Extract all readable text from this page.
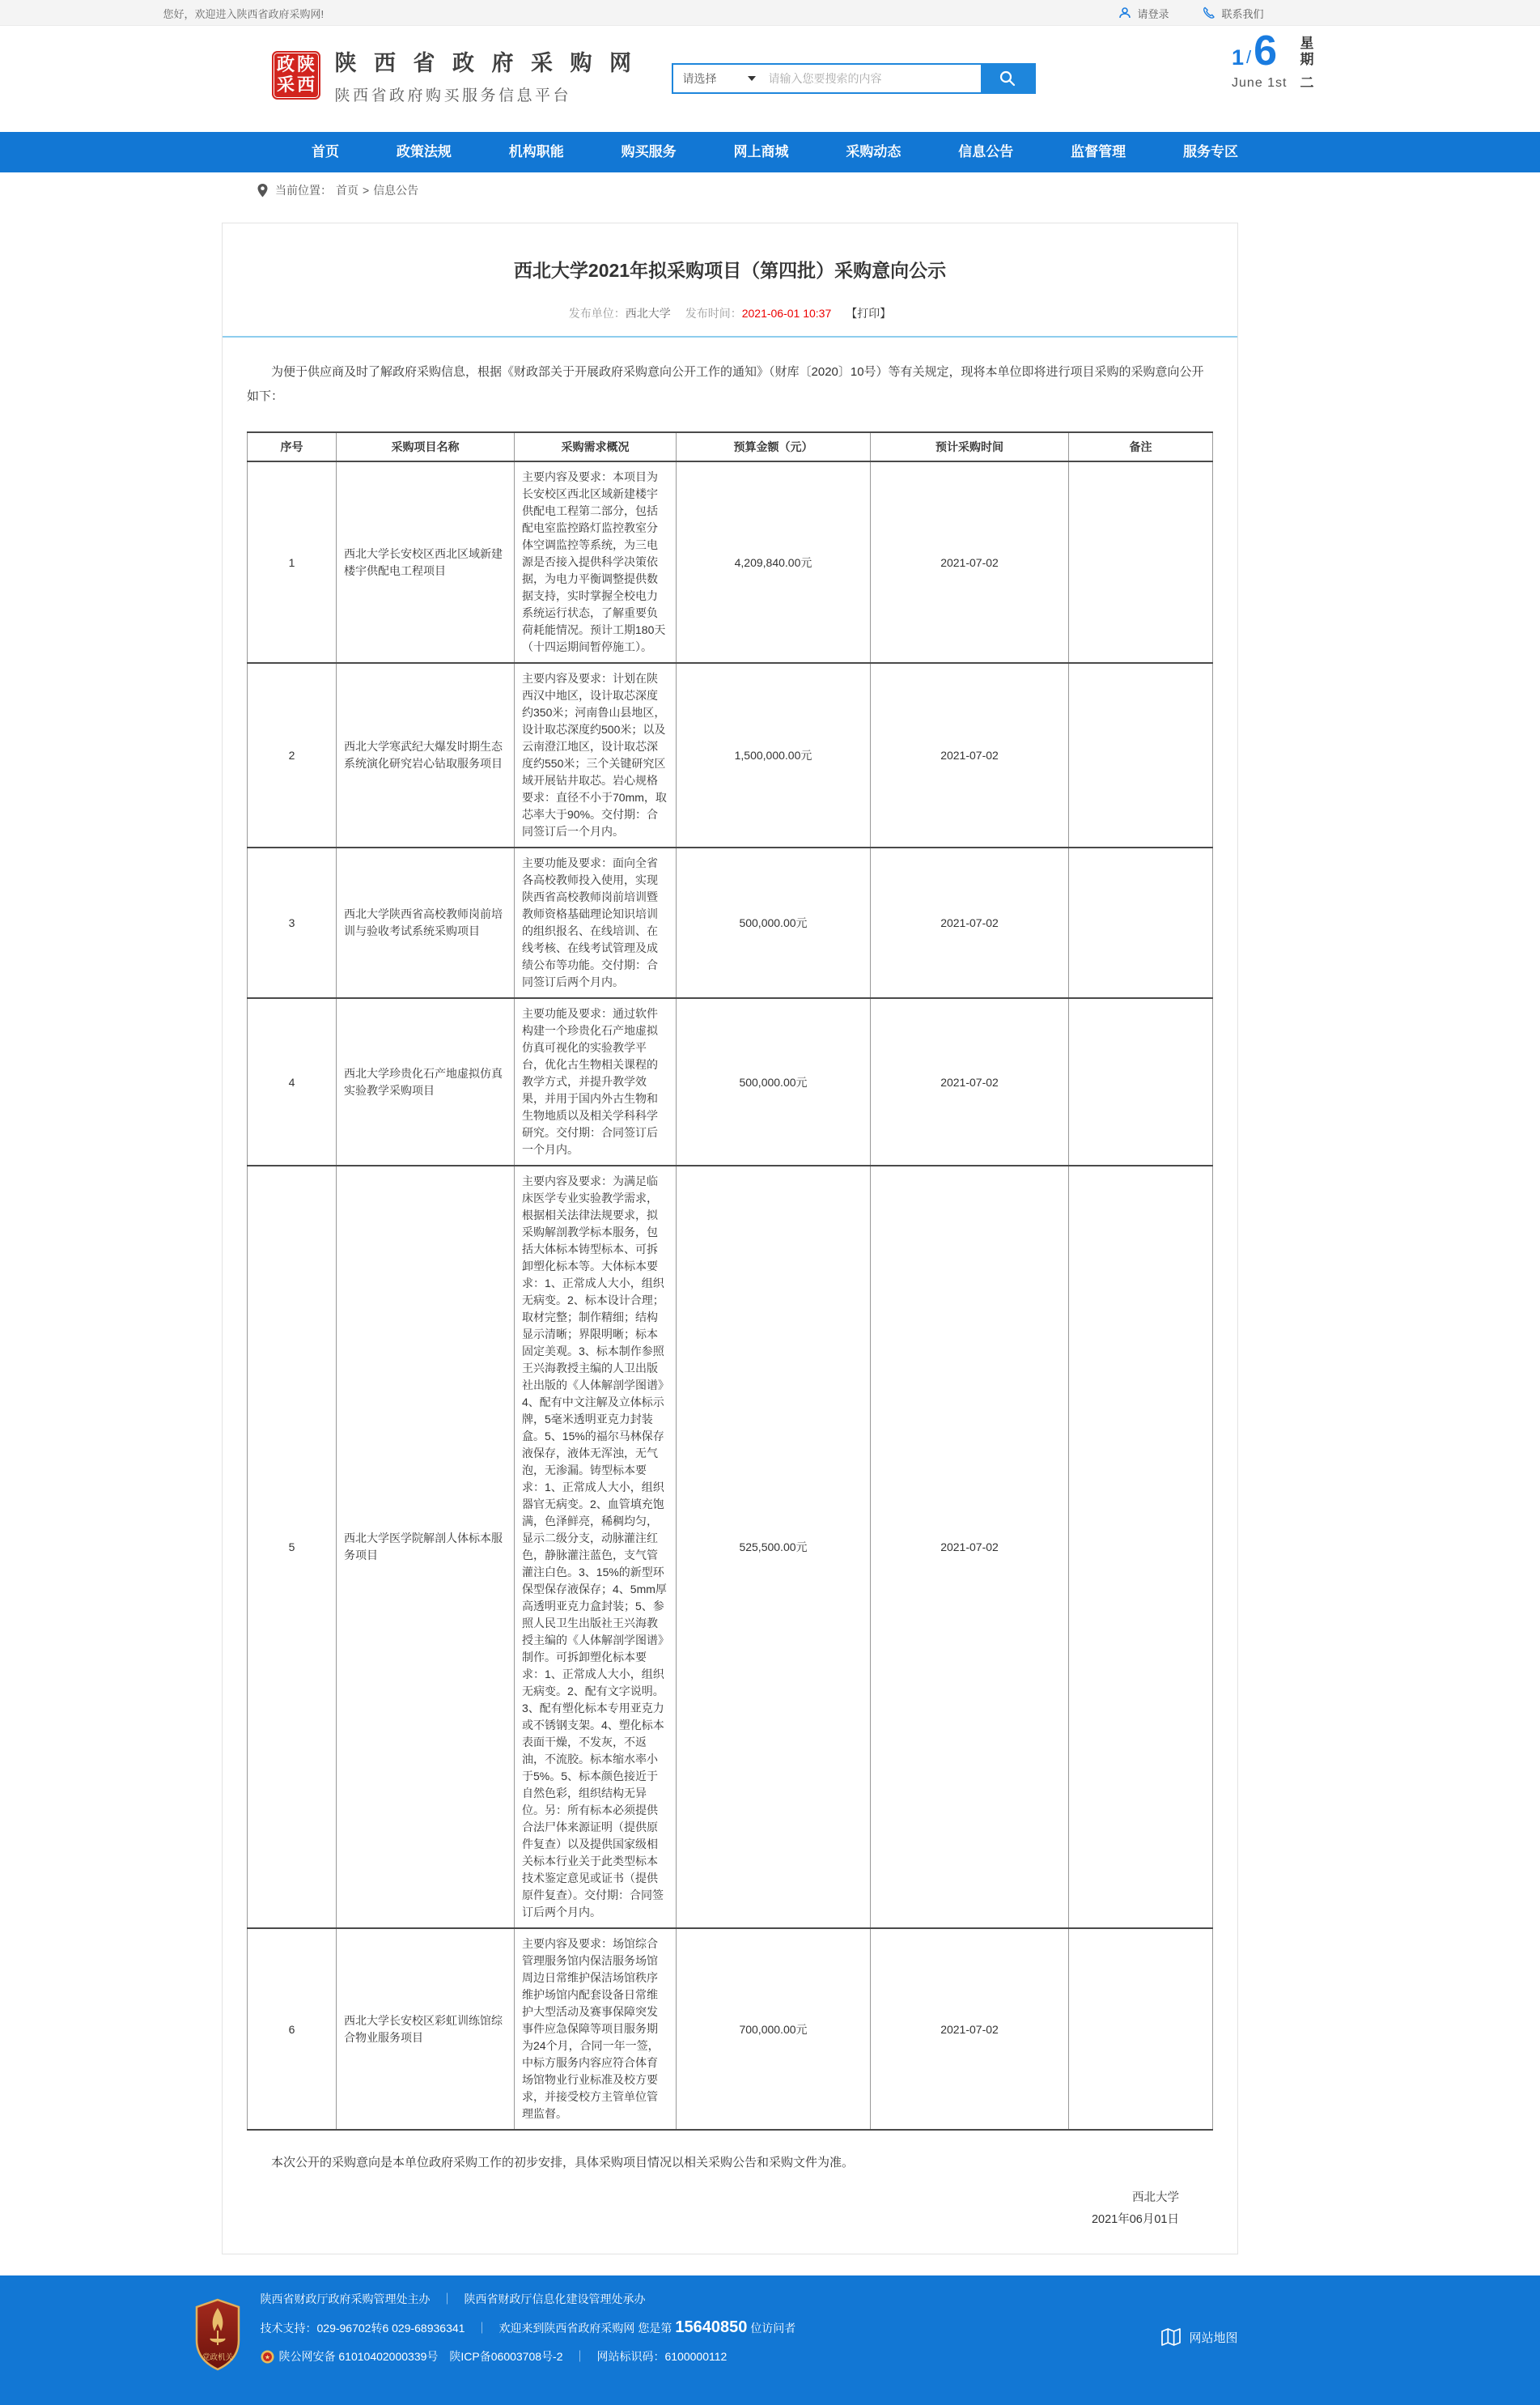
您好，欢迎进入陕西省政府采购网!	请登录	联系我们
政 陕
采 西
陕 西 省 政 府 采 购 网
陕西省政府购买服务信息平台
请选择
请输入您要搜索的内容
1 / 6
June 1st
星
期
二
首页	政策法规	机构职能	购买服务	网上商城	采购动态	信息公告	监督管理	服务专区
当前位置： 首页 > 信息公告
西北大学2021年拟采购项目（第四批）采购意向公示
发布单位：西北大学 发布时间：2021-06-01 10:37 【打印】

为便于供应商及时了解政府采购信息，根据《财政部关于开展政府采购意向公开工作的通知》（财库〔2020〕10号）等有关规定，现将本单位即将进行项目采购的采购意向公开如下：

序号	采购项目名称	采购需求概况	预算金额（元）	预计采购时间	备注
1	西北大学长安校区西北区域新建楼宇供配电工程项目	主要内容及要求：本项目为长安校区西北区域新建楼宇供配电工程第二部分，包括配电室监控路灯监控教室分体空调监控等系统，为三电源是否接入提供科学决策依据，为电力平衡调整提供数据支持，实时掌握全校电力系统运行状态，了解重要负荷耗能情况。预计工期180天（十四运期间暂停施工）。	4,209,840.00元	2021-07-02	
2	西北大学寒武纪大爆发时期生态系统演化研究岩心钻取服务项目	主要内容及要求：计划在陕西汉中地区，设计取芯深度约350米；河南鲁山县地区，设计取芯深度约500米；以及云南澄江地区，设计取芯深度约550米；三个关键研究区域开展钻井取芯。岩心规格要求：直径不小于70mm，取芯率大于90%。交付期：合同签订后一个月内。	1,500,000.00元	2021-07-02	
3	西北大学陕西省高校教师岗前培训与验收考试系统采购项目	主要功能及要求：面向全省各高校教师投入使用，实现陕西省高校教师岗前培训暨教师资格基础理论知识培训的组织报名、在线培训、在线考核、在线考试管理及成绩公布等功能。交付期：合同签订后两个月内。	500,000.00元	2021-07-02	
4	西北大学珍贵化石产地虚拟仿真实验教学采购项目	主要功能及要求：通过软件构建一个珍贵化石产地虚拟仿真可视化的实验教学平台，优化古生物相关课程的教学方式，并提升教学效果，并用于国内外古生物和生物地质以及相关学科科学研究。交付期：合同签订后一个月内。	500,000.00元	2021-07-02	
5	西北大学医学院解剖人体标本服务项目	主要内容及要求：为满足临床医学专业实验教学需求，根据相关法律法规要求，拟采购解剖教学标本服务，包括大体标本铸型标本、可拆卸塑化标本等。大体标本要求：1、正常成人大小，组织无病变。2、标本设计合理；取材完整；制作精细；结构显示清晰；界限明晰；标本固定美观。3、标本制作参照王兴海教授主编的人卫出版社出版的《人体解剖学图谱》4、配有中文注解及立体标示牌，5毫米透明亚克力封装盒。5、15%的福尔马林保存液保存，液体无浑浊，无气泡，无渗漏。铸型标本要求：1、正常成人大小，组织器官无病变。2、血管填充饱满，色泽鲜亮，稀稠均匀，显示二级分支，动脉灌注红色，静脉灌注蓝色，支气管灌注白色。3、15%的新型环保型保存液保存；4、5mm厚高透明亚克力盒封装；5、参照人民卫生出版社王兴海教授主编的《人体解剖学图谱》制作。可拆卸塑化标本要求：1、正常成人大小，组织无病变。2、配有文字说明。3、配有塑化标本专用亚克力或不锈钢支架。4、塑化标本表面干燥，不发灰，不返油，不流胶。标本缩水率小于5%。5、标本颜色接近于自然色彩，组织结构无异位。另：所有标本必须提供合法尸体来源证明（提供原件复查）以及提供国家级相关标本行业关于此类型标本技术鉴定意见或证书（提供原件复查）。交付期：合同签订后两个月内。	525,500.00元	2021-07-02	
6	西北大学长安校区彩虹训练馆综合物业服务项目	主要内容及要求：场馆综合管理服务馆内保洁服务场馆周边日常维护保洁场馆秩序维护场馆内配套设备日常维护大型活动及赛事保障突发事件应急保障等项目服务期为24个月，合同一年一签，中标方服务内容应符合体育场馆物业行业标准及校方要求，并接受校方主管单位管理监督。	700,000.00元	2021-07-02	

本次公开的采购意向是本单位政府采购工作的初步安排，具体采购项目情况以相关采购公告和采购文件为准。

西北大学
2021年06月01日
党政机关
陕西省财政厅政府采购管理处主办 ｜ 陕西省财政厅信息化建设管理处承办
技术支持：029-96702转6 029-68936341 ｜ 欢迎来到陕西省政府采购网 您是第 15640850 位访问者
★ 陕公网安备 61010402000339号 陕ICP备06003708号-2 ｜ 网站标识码：6100000112
网站地图
